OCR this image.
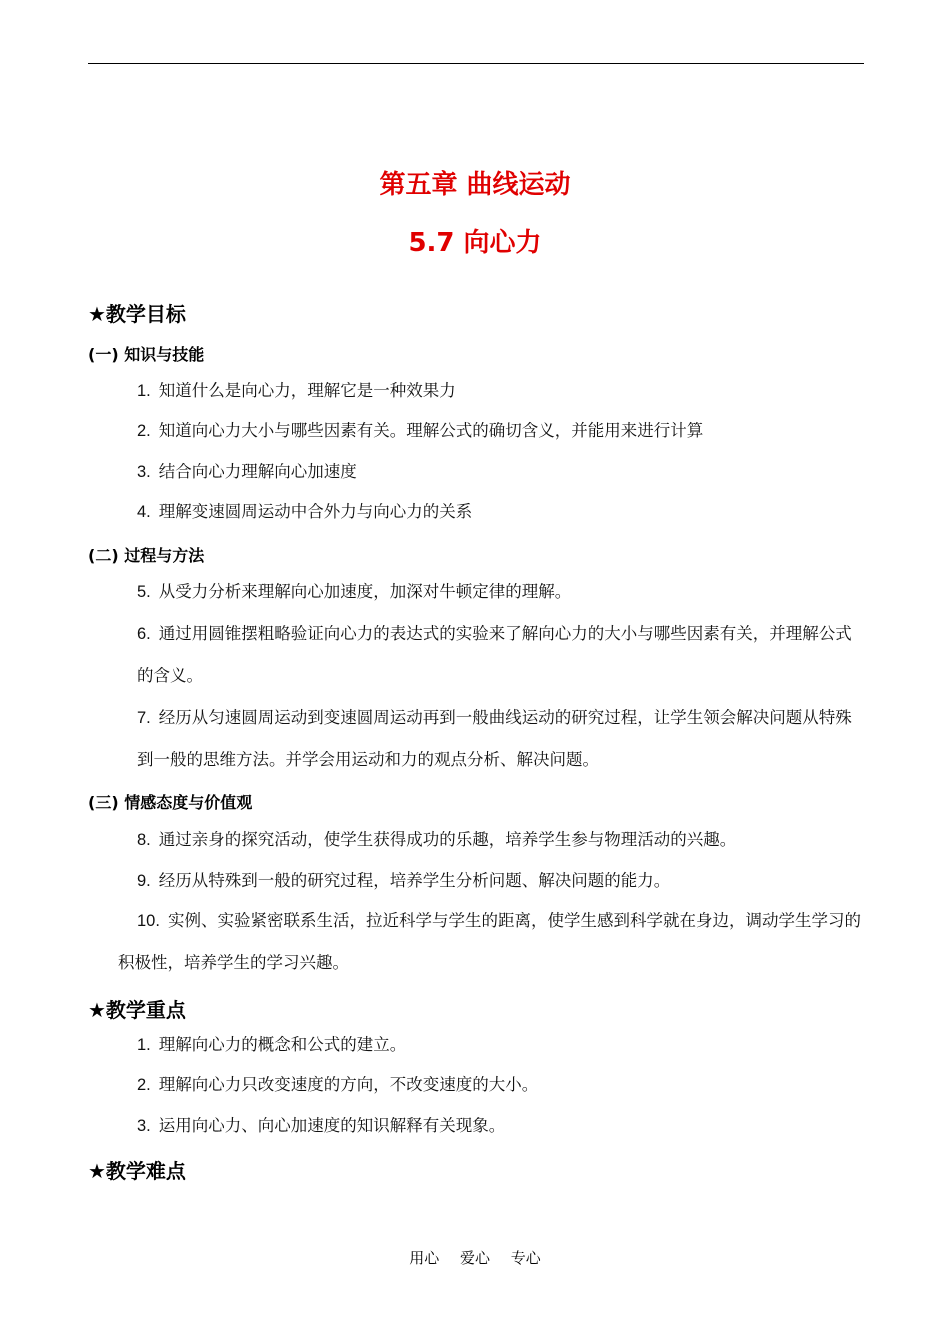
第五章 曲线运动
5.7 向心力
★教学目标
(一) 知识与技能
1. 知道什么是向心力，理解它是一种效果力
2. 知道向心力大小与哪些因素有关。理解公式的确切含义，并能用来进行计算
3. 结合向心力理解向心加速度
4. 理解变速圆周运动中合外力与向心力的关系
(二) 过程与方法
5. 从受力分析来理解向心加速度，加深对牛顿定律的理解。
6. 通过用圆锥摆粗略验证向心力的表达式的实验来了解向心力的大小与哪些因素有关，并理解公式的含义。
7. 经历从匀速圆周运动到变速圆周运动再到一般曲线运动的研究过程，让学生领会解决问题从特殊到一般的思维方法。并学会用运动和力的观点分析、解决问题。
(三) 情感态度与价值观
8. 通过亲身的探究活动，使学生获得成功的乐趣，培养学生参与物理活动的兴趣。
9. 经历从特殊到一般的研究过程，培养学生分析问题、解决问题的能力。
10. 实例、实验紧密联系生活，拉近科学与学生的距离，使学生感到科学就在身边，调动学生学习的积极性，培养学生的学习兴趣。
★教学重点
1. 理解向心力的概念和公式的建立。
2. 理解向心力只改变速度的方向，不改变速度的大小。
3. 运用向心力、向心加速度的知识解释有关现象。
★教学难点
用心 爱心 专心
